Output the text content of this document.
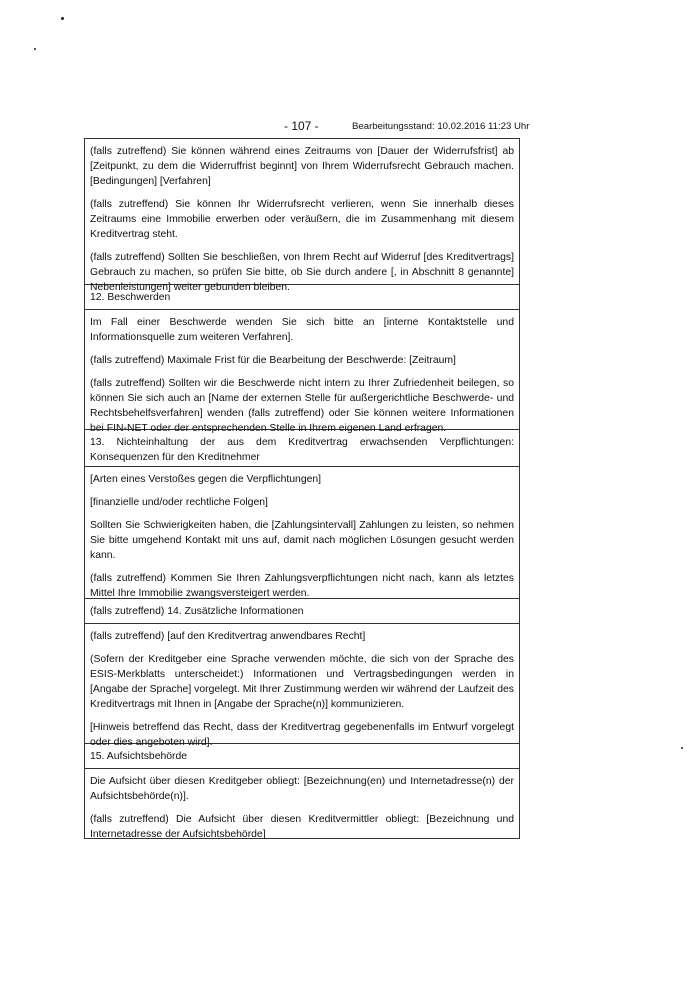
- 107 -	Bearbeitungsstand: 10.02.2016 11:23 Uhr

(falls zutreffend) Sie können während eines Zeitraums von [Dauer der Widerrufsfrist] ab [Zeitpunkt, zu dem die Widerruffrist beginnt] von Ihrem Widerrufsrecht Gebrauch machen. [Bedingungen] [Verfahren]

(falls zutreffend) Sie können Ihr Widerrufsrecht verlieren, wenn Sie innerhalb dieses Zeitraums eine Immobilie erwerben oder veräußern, die im Zusammenhang mit diesem Kreditvertrag steht.

(falls zutreffend) Sollten Sie beschließen, von Ihrem Recht auf Widerruf [des Kreditvertrags] Gebrauch zu machen, so prüfen Sie bitte, ob Sie durch andere [, in Abschnitt 8 genannte] Nebenleistungen] weiter gebunden bleiben.

12. Beschwerden

Im Fall einer Beschwerde wenden Sie sich bitte an [interne Kontaktstelle und Informationsquelle zum weiteren Verfahren].

(falls zutreffend) Maximale Frist für die Bearbeitung der Beschwerde: [Zeitraum]

(falls zutreffend) Sollten wir die Beschwerde nicht intern zu Ihrer Zufriedenheit beilegen, so können Sie sich auch an [Name der externen Stelle für außergerichtliche Beschwerde- und Rechtsbehelfsverfahren] wenden (falls zutreffend) oder Sie können weitere Informationen bei FIN-NET oder der entsprechenden Stelle in Ihrem eigenen Land erfragen.

13. Nichteinhaltung der aus dem Kreditvertrag erwachsenden Verpflichtungen: Konsequenzen für den Kreditnehmer

[Arten eines Verstoßes gegen die Verpflichtungen]

[finanzielle und/oder rechtliche Folgen]

Sollten Sie Schwierigkeiten haben, die [Zahlungsintervall] Zahlungen zu leisten, so nehmen Sie bitte umgehend Kontakt mit uns auf, damit nach möglichen Lösungen gesucht werden kann.

(falls zutreffend) Kommen Sie Ihren Zahlungsverpflichtungen nicht nach, kann als letztes Mittel Ihre Immobilie zwangsversteigert werden.

(falls zutreffend) 14. Zusätzliche Informationen

(falls zutreffend) [auf den Kreditvertrag anwendbares Recht]

(Sofern der Kreditgeber eine Sprache verwenden möchte, die sich von der Sprache des ESIS-Merkblatts unterscheidet:) Informationen und Vertragsbedingungen werden in [Angabe der Sprache] vorgelegt. Mit Ihrer Zustimmung werden wir während der Laufzeit des Kreditvertrags mit Ihnen in [Angabe der Sprache(n)] kommunizieren.

[Hinweis betreffend das Recht, dass der Kreditvertrag gegebenenfalls im Entwurf vorgelegt oder dies angeboten wird].

15. Aufsichtsbehörde

Die Aufsicht über diesen Kreditgeber obliegt: [Bezeichnung(en) und Internetadresse(n) der Aufsichtsbehörde(n)].

(falls zutreffend) Die Aufsicht über diesen Kreditvermittler obliegt: [Bezeichnung und Internetadresse der Aufsichtsbehörde]
